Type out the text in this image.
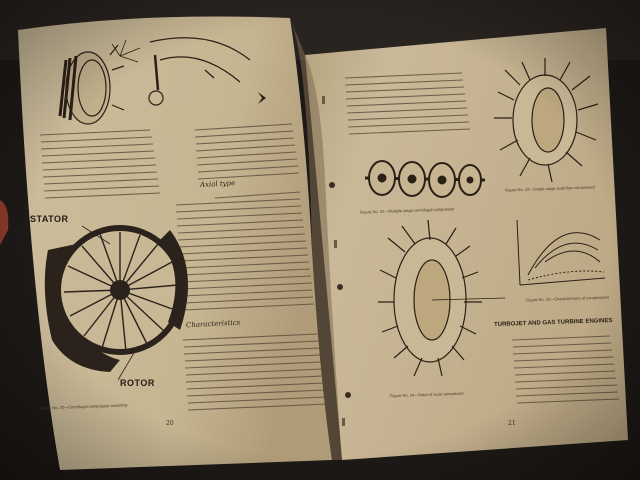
STATOR
ROTOR
Axial type
Characteristics
Figure No. 30—Centrifugal compressor assembly
20
Figure No. 32—Multiple stage centrifugal compressor
Figure No. 33—Single-stage axial flow compressor
Figure No. 34—Rotor of axial compressor
Figure No. 35—Characteristics of compressors
TURBOJET AND GAS TURBINE ENGINES
21
